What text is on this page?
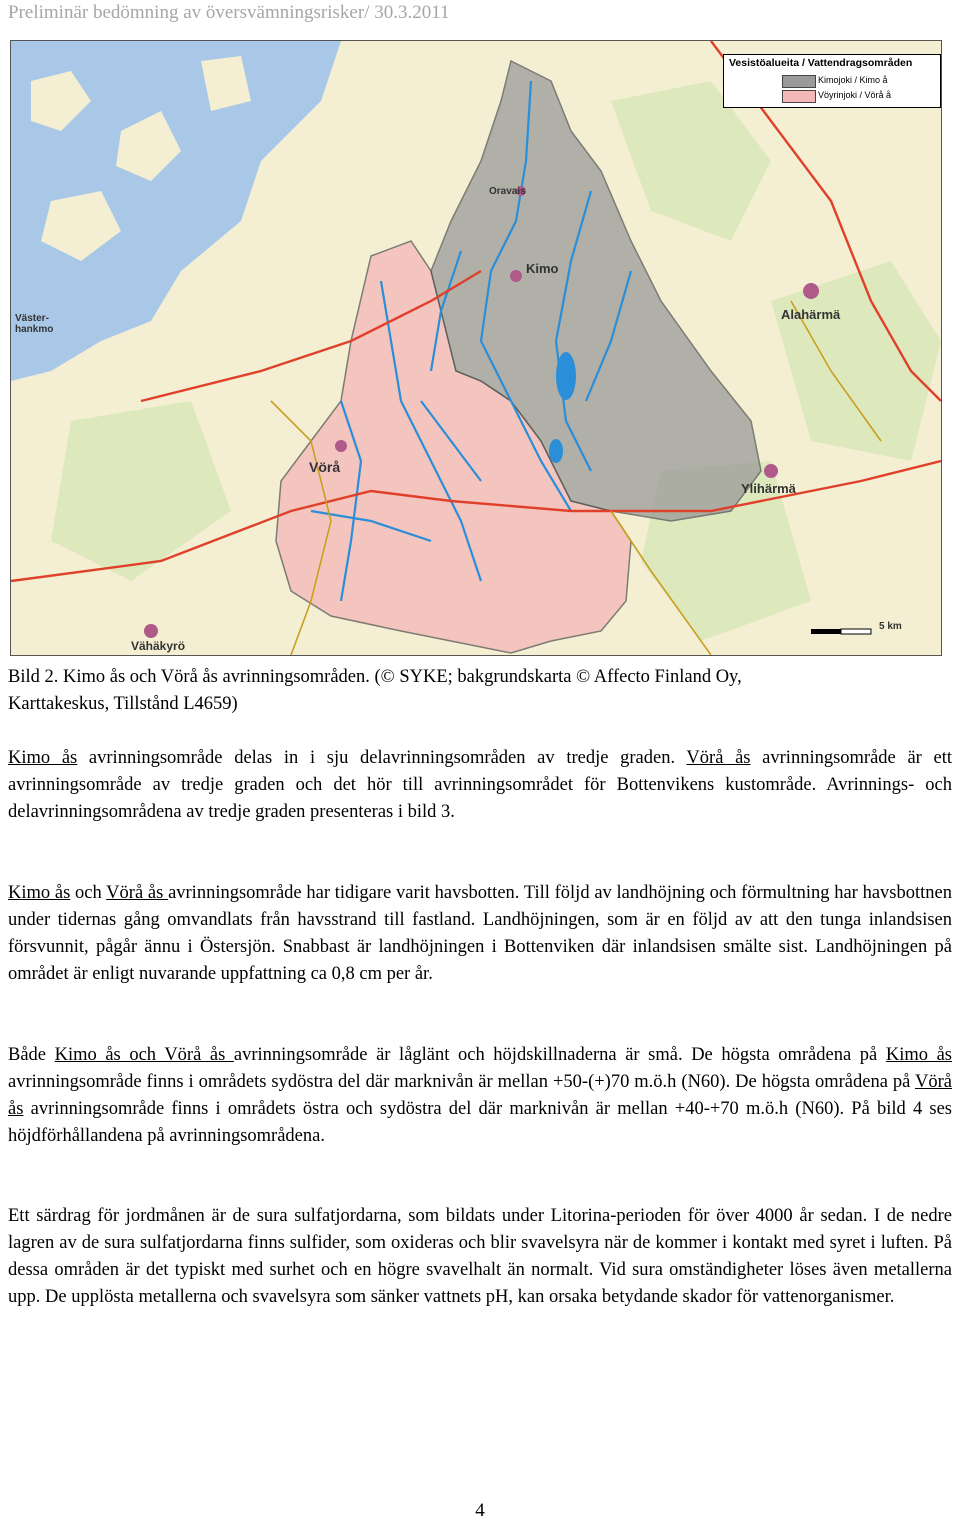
Preliminär bedömning av översvämningsrisker/ 30.3.2011
Vesistöalueita / Vattendragsområden
Kimojoki / Kimo å
Vöyrinjoki / Vörå å
Väster-
hankmo
Vörå
Kimo
Oravais
Alahärmä
Ylihärmä
Vähäkyrö
5 km

Bild 2. Kimo ås och Vörå ås avrinningsområden. (© SYKE; bakgrundskarta © Affecto Finland Oy,

Karttakeskus, Tillstånd L4659)

Kimo ås avrinningsområde delas in i sju delavrinningsområden av tredje graden. Vörå ås avrinningsområde är ett avrinningsområde av tredje graden och det hör till avrinningsområdet för Bottenvikens kustområde. Avrinnings- och delavrinningsområdena av tredje graden presenteras i bild 3.

Kimo ås och Vörå ås avrinningsområde har tidigare varit havsbotten. Till följd av landhöjning och förmultning har havsbottnen under tidernas gång omvandlats från havsstrand till fastland. Landhöjningen, som är en följd av att den tunga inlandsisen försvunnit, pågår ännu i Östersjön. Snabbast är landhöjningen i Bottenviken där inlandsisen smälte sist. Landhöjningen på området är enligt nuvarande uppfattning ca 0,8 cm per år.

Både Kimo ås och Vörå ås avrinningsområde är låglänt och höjdskillnaderna är små. De högsta områdena på Kimo ås avrinningsområde finns i områdets sydöstra del där marknivån är mellan +50-(+)70 m.ö.h (N60). De högsta områdena på Vörå ås avrinningsområde finns i områdets östra och sydöstra del där marknivån är mellan +40-+70 m.ö.h (N60). På bild 4 ses höjdförhållandena på avrinningsområdena.

Ett särdrag för jordmånen är de sura sulfatjordarna, som bildats under Litorina-perioden för över 4000 år sedan. I de nedre lagren av de sura sulfatjordarna finns sulfider, som oxideras och blir svavelsyra när de kommer i kontakt med syret i luften. På dessa områden är det typiskt med surhet och en högre svavelhalt än normalt. Vid sura omständigheter löses även metallerna upp. De upplösta metallerna och svavelsyra som sänker vattnets pH, kan orsaka betydande skador för vattenorganismer.

4
